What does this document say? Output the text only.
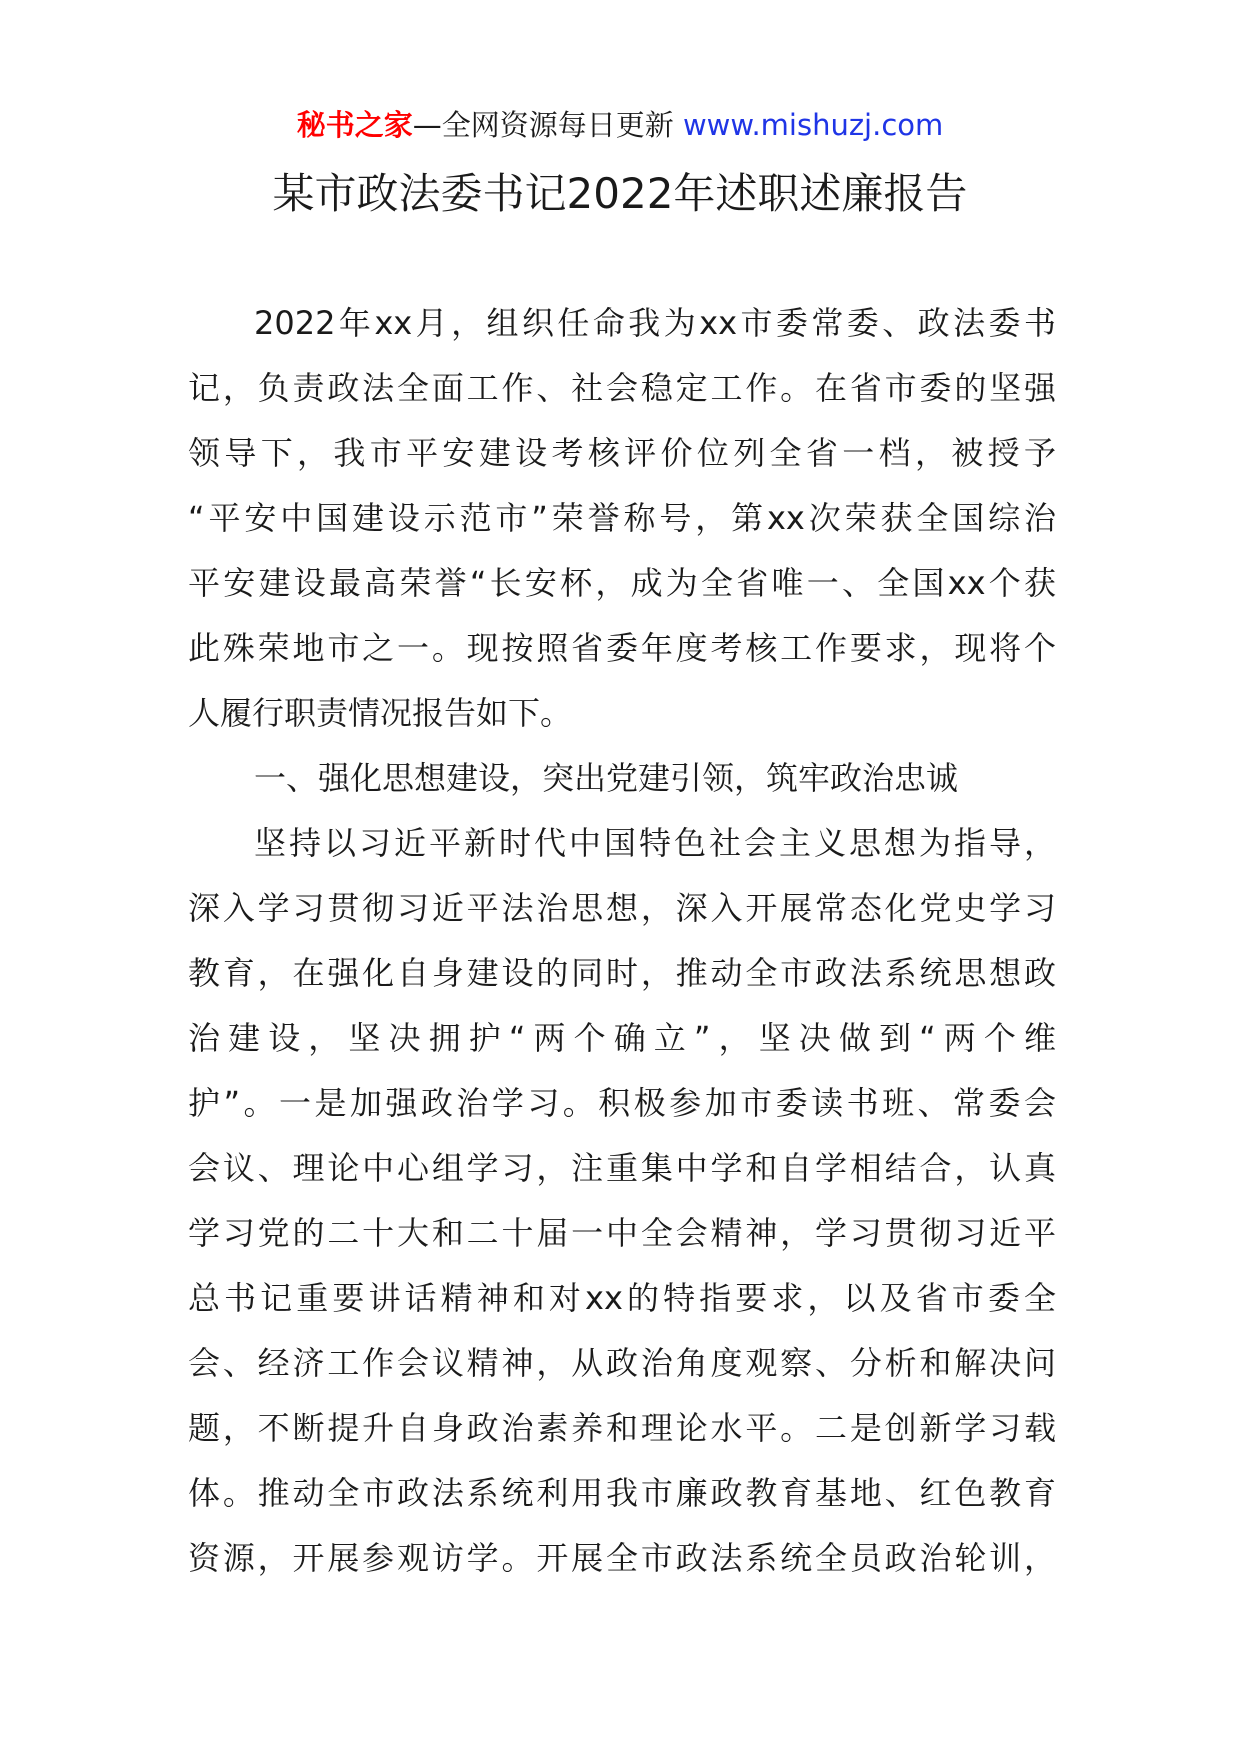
秘书之家—全网资源每日更新 www.mishuzj.com
某市政法委书记2022年述职述廉报告
2022年xx月，组织任命我为xx市委常委、政法委书
记，负责政法全面工作、社会稳定工作。在省市委的坚强
领导下，我市平安建设考核评价位列全省一档，被授予
“平安中国建设示范市”荣誉称号，第xx次荣获全国综治
平安建设最高荣誉“长安杯，成为全省唯一、全国xx个获
此殊荣地市之一。现按照省委年度考核工作要求，现将个
人履行职责情况报告如下。
一、强化思想建设，突出党建引领，筑牢政治忠诚
坚持以习近平新时代中国特色社会主义思想为指导，
深入学习贯彻习近平法治思想，深入开展常态化党史学习
教育，在强化自身建设的同时，推动全市政法系统思想政
治建设，坚决拥护“两个确立”，坚决做到“两个维
护”。一是加强政治学习。积极参加市委读书班、常委会
会议、理论中心组学习，注重集中学和自学相结合，认真
学习党的二十大和二十届一中全会精神，学习贯彻习近平
总书记重要讲话精神和对xx的特指要求，以及省市委全
会、经济工作会议精神，从政治角度观察、分析和解决问
题，不断提升自身政治素养和理论水平。二是创新学习载
体。推动全市政法系统利用我市廉政教育基地、红色教育
资源，开展参观访学。开展全市政法系统全员政治轮训，
